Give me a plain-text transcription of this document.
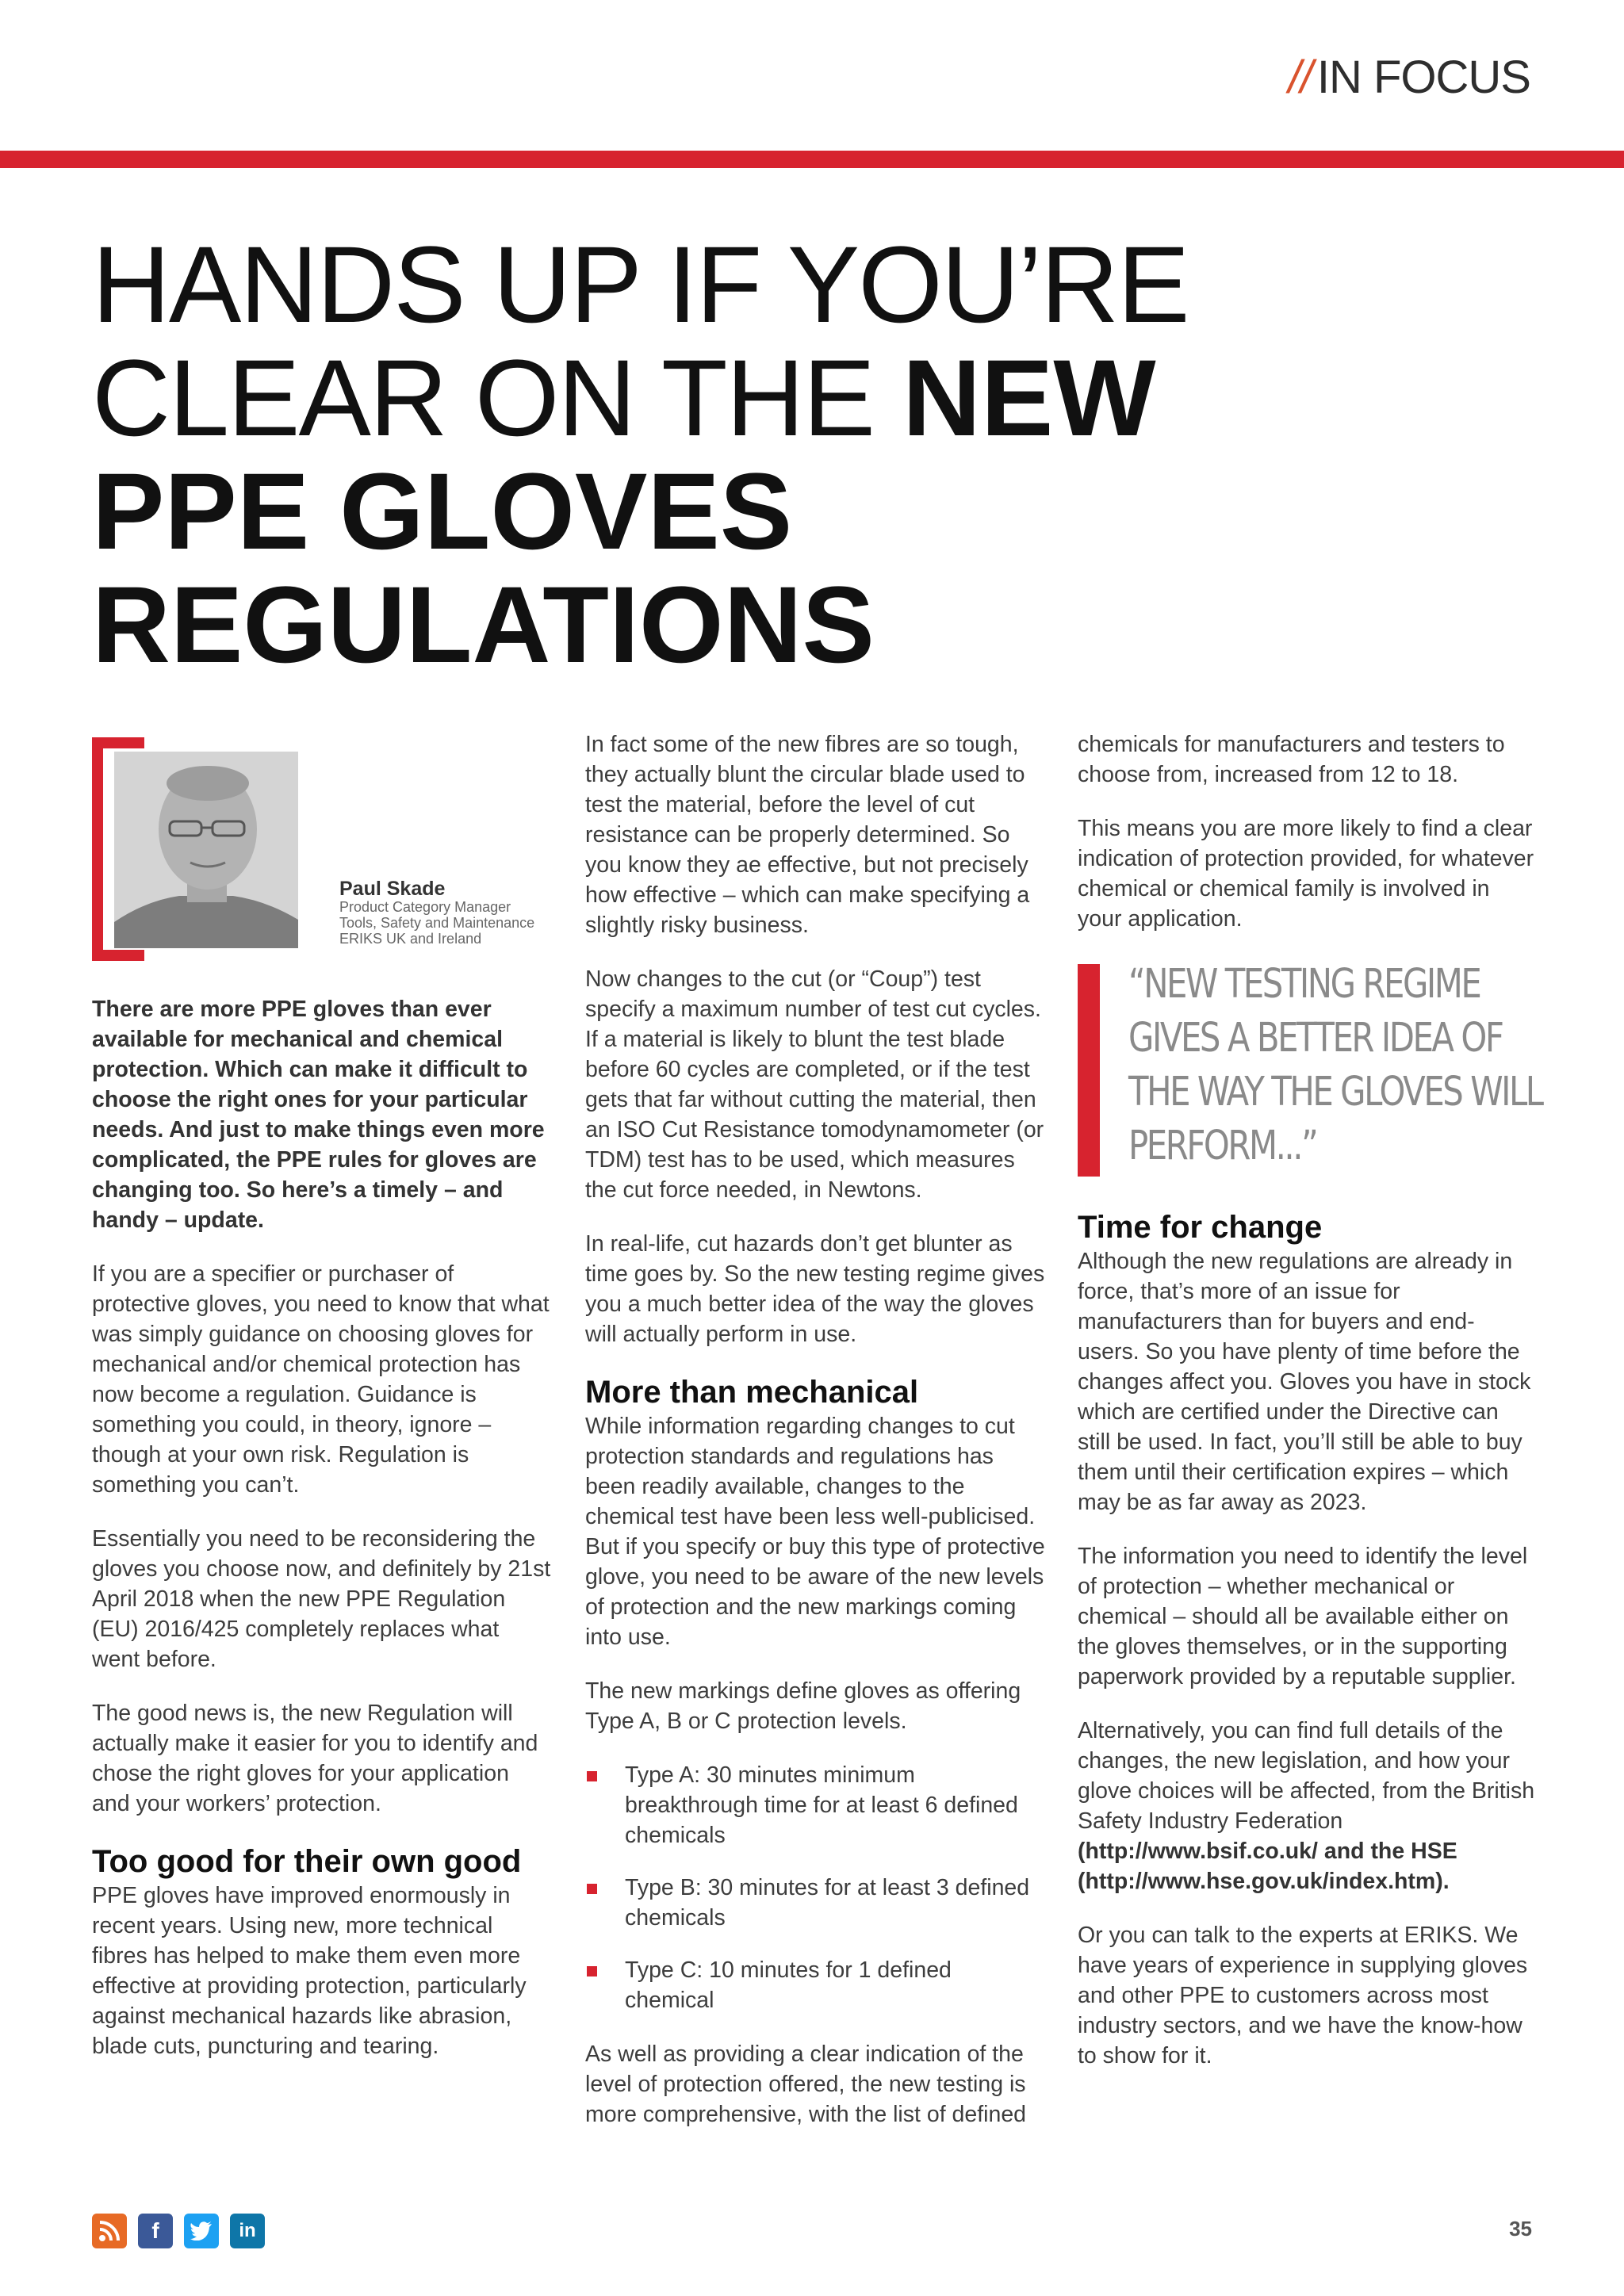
// IN FOCUS
HANDS UP IF YOU’RE
CLEAR ON THE NEW
PPE GLOVES
REGULATIONS
Paul Skade
Product Category Manager
Tools, Safety and Maintenance
ERIKS UK and Ireland

There are more PPE gloves than ever available for mechanical and chemical protection. Which can make it difficult to choose the right ones for your particular needs. And just to make things even more complicated, the PPE rules for gloves are changing too. So here’s a timely – and handy – update.

If you are a specifier or purchaser of protective gloves, you need to know that what was simply guidance on choosing gloves for mechanical and/or chemical protection has now become a regulation. Guidance is something you could, in theory, ignore – though at your own risk. Regulation is something you can’t.

Essentially you need to be reconsidering the gloves you choose now, and definitely by 21st April 2018 when the new PPE Regulation (EU) 2016/425 completely replaces what went before.

The good news is, the new Regulation will actually make it easier for you to identify and chose the right gloves for your application and your workers’ protection.

Too good for their own good

PPE gloves have improved enormously in recent years. Using new, more technical fibres has helped to make them even more effective at providing protection, particularly against mechanical hazards like abrasion, blade cuts, puncturing and tearing.

In fact some of the new fibres are so tough, they actually blunt the circular blade used to test the material, before the level of cut resistance can be properly determined. So you know they ae effective, but not precisely how effective – which can make specifying a slightly risky business.

Now changes to the cut (or “Coup”) test specify a maximum number of test cut cycles. If a material is likely to blunt the test blade before 60 cycles are completed, or if the test gets that far without cutting the material, then an ISO Cut Resistance tomodynamometer (or TDM) test has to be used, which measures the cut force needed, in Newtons.

In real-life, cut hazards don’t get blunter as time goes by. So the new testing regime gives you a much better idea of the way the gloves will actually perform in use.

More than mechanical

While information regarding changes to cut protection standards and regulations has been readily available, changes to the chemical test have been less well-publicised. But if you specify or buy this type of protective glove, you need to be aware of the new levels of protection and the new markings coming into use.

The new markings define gloves as offering Type A, B or C protection levels.

Type A: 30 minutes minimum breakthrough time for at least 6 defined chemicals
Type B: 30 minutes for at least 3 defined chemicals
Type C: 10 minutes for 1 defined chemical

As well as providing a clear indication of the level of protection offered, the new testing is more comprehensive, with the list of defined

chemicals for manufacturers and testers to choose from, increased from 12 to 18.

This means you are more likely to find a clear indication of protection provided, for whatever chemical or chemical family is involved in your application.

“NEW TESTING REGIME GIVES A BETTER IDEA OF THE WAY THE GLOVES WILL PERFORM...”
Time for change

Although the new regulations are already in force, that’s more of an issue for manufacturers than for buyers and end-users. So you have plenty of time before the changes affect you. Gloves you have in stock which are certified under the Directive can still be used. In fact, you’ll still be able to buy them until their certification expires – which may be as far away as 2023.

The information you need to identify the level of protection – whether mechanical or chemical – should all be available either on the gloves themselves, or in the supporting paperwork provided by a reputable supplier.

Alternatively, you can find full details of the changes, the new legislation, and how your glove choices will be affected, from the British Safety Industry Federation (http://www.bsif.co.uk/ and the HSE (http://www.hse.gov.uk/index.htm).

Or you can talk to the experts at ERIKS. We have years of experience in supplying gloves and other PPE to customers across most industry sectors, and we have the know-how to show for it.

f	in	35
